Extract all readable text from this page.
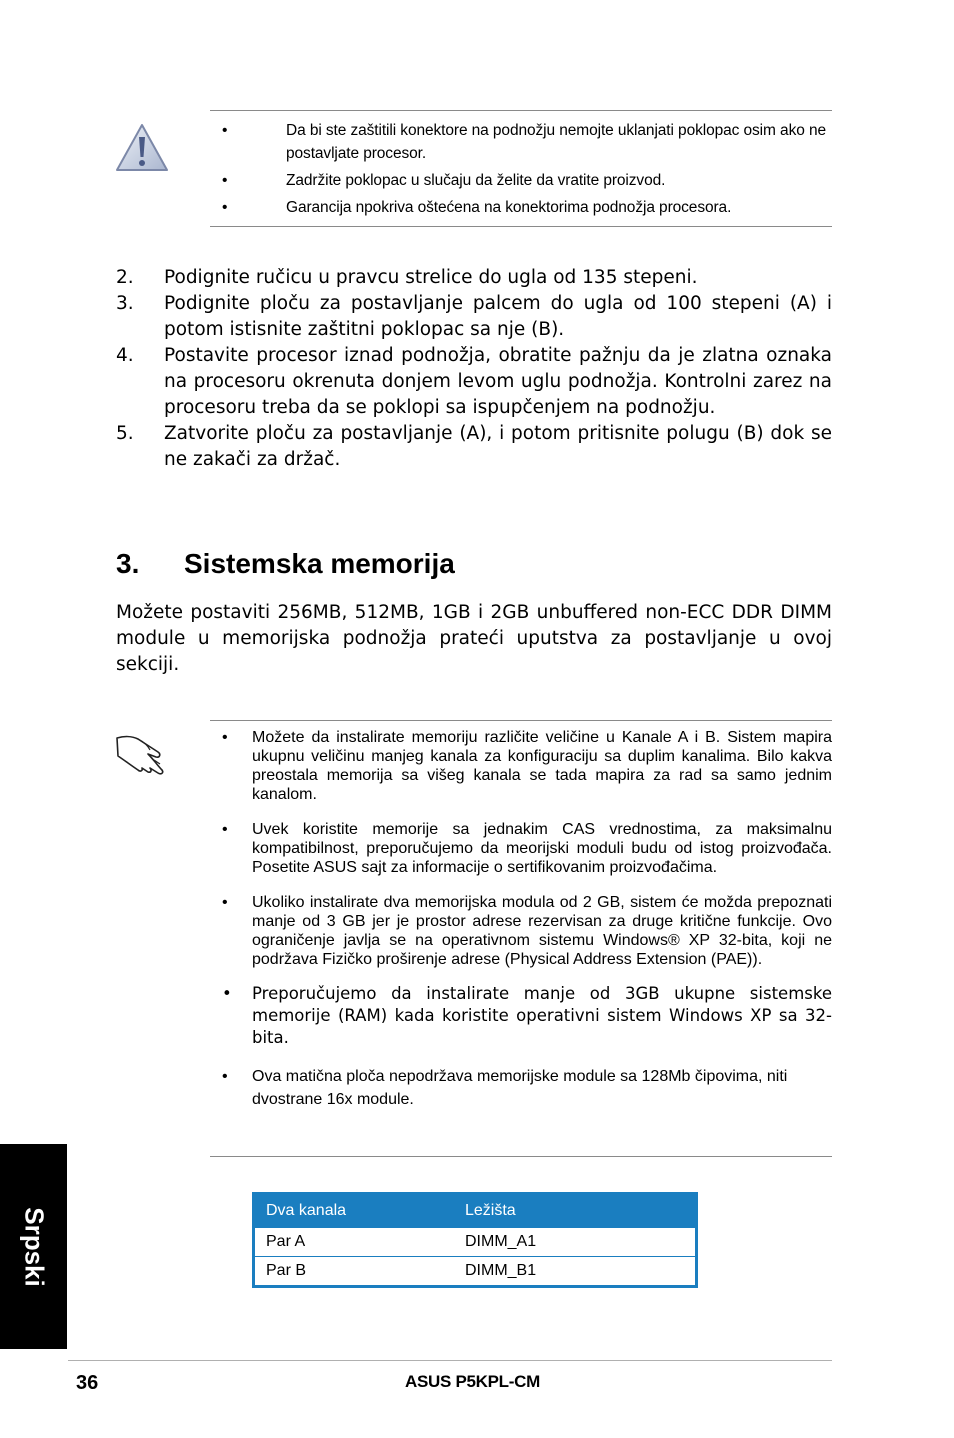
•	Da bi ste zaštitili konektore na podnožju nemojte uklanjati poklopac osim ako ne postavljate procesor.
•	Zadržite poklopac u slučaju da želite da vratite proizvod.
•	Garancija npokriva oštećena na konektorima podnožja procesora.
2. Podignite ručicu u pravcu strelice do ugla od 135 stepeni.
3. Podignite ploču za postavljanje palcem do ugla od 100 stepeni (A) i potom istisnite zaštitni poklopac sa nje (B).
4. Postavite procesor iznad podnožja, obratite pažnju da je zlatna oznaka na procesoru okrenuta donjem levom uglu podnožja. Kontrolni zarez na procesoru treba da se poklopi sa ispupčenjem na podnožju.
5. Zatvorite ploču za postavljanje (A), i potom pritisnite polugu (B) dok se ne zakači za držač.
3. Sistemska memorija
Možete postaviti 256MB, 512MB, 1GB i 2GB unbuffered non-ECC DDR DIMM module u memorijska podnožja prateći uputstva za postavljanje u ovoj sekciji.
• Možete da instalirate memoriju različite veličine u Kanale A i B. Sistem mapira ukupnu veličinu manjeg kanala za konfiguraciju sa duplim kanalima. Bilo kakva preostala memorija sa višeg kanala se tada mapira za rad sa samo jednim kanalom.
• Uvek koristite memorije sa jednakim CAS vrednostima, za maksimalnu kompatibilnost, preporučujemo da meorijski moduli budu od istog proizvođača. Posetite ASUS sajt za informacije o sertifikovanim proizvođačima.
• Ukoliko instalirate dva memorijska modula od 2 GB, sistem će možda prepoznati manje od 3 GB jer je prostor adrese rezervisan za druge kritične funkcije. Ovo ograničenje javlja se na operativnom sistemu Windows® XP 32-bita, koji ne podržava Fizičko proširenje adrese (Physical Address Extension (PAE)).
• Preporučujemo da instalirate manje od 3GB ukupne sistemske memorije (RAM) kada koristite operativni sistem Windows XP sa 32-bita.
• Ova matična ploča nepodržava memorijske module sa 128Mb čipovima, niti dvostrane 16x module.
Dva kanala	Ležišta
Par A	DIMM_A1
Par B	DIMM_B1
Srpski
36	ASUS P5KPL-CM
